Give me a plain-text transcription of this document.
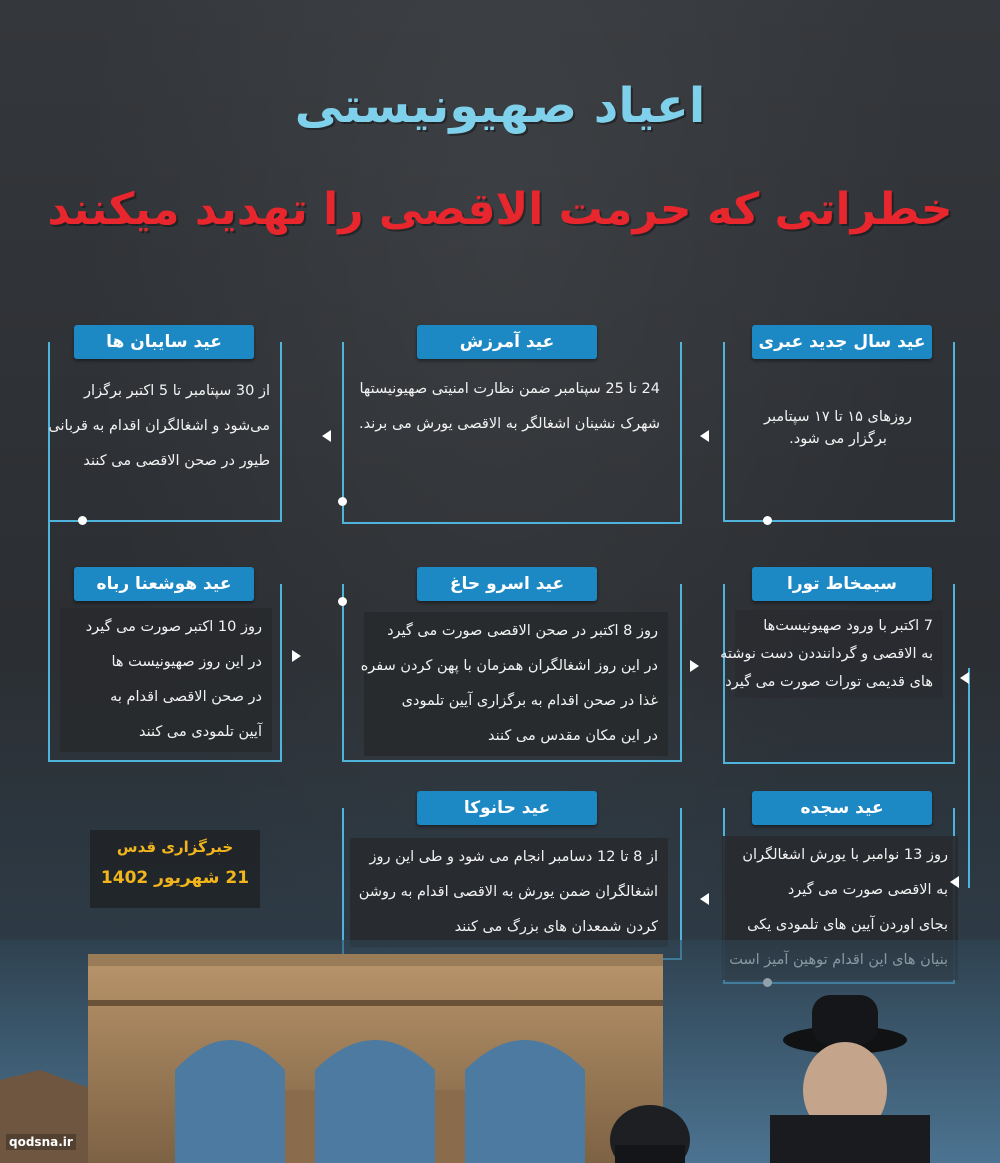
اعیاد صهیونیستی
خطراتی که حرمت الاقصی را تهدید میکنند
عید سال جدید عبری
عید آمرزش
عید سایبان ها
سیمخاط تورا
عید اسرو حاغ
عید هوشعنا رباه
عید سجده
عید حانوکا
روزهای ۱۵ تا ۱۷ سپتامبر
برگزار می شود.
24 تا 25 سپتامبر ضمن نظارت امنیتی صهیونیستها
شهرک نشینان اشغالگر به الاقصی یورش می برند.
از 30 سپتامبر تا 5 اکتبر برگزار
می‌شود و اشغالگران اقدام به قربانی
طیور در صحن الاقصی می کنند
7 اکتبر با ورود صهیونیست‌ها
به الاقصی و گرداننددن دست نوشته
های قدیمی تورات صورت می گیرد
روز 8 اکتبر در صحن الاقصی صورت می گیرد
در این روز اشغالگران همزمان با پهن کردن سفره
غذا در صحن اقدام به برگزاری آیین تلمودی
در این مکان مقدس می کنند
روز 10 اکتبر صورت می گیرد
در این روز صهیونیست ها
در صحن الاقصی اقدام به
آیین تلمودی می کنند
روز 13 نوامبر با یورش اشغالگران
به الاقصی صورت می گیرد
بجای اوردن آیین های تلمودی یکی
از 8 تا 12 دسامبر انجام می شود و طی این روز
اشغالگران ضمن یورش به الاقصی اقدام به روشن
کردن شمعدان های بزرگ می کنند
خبرگزاری قدس
21 شهریور 1402
qodsna.ir
